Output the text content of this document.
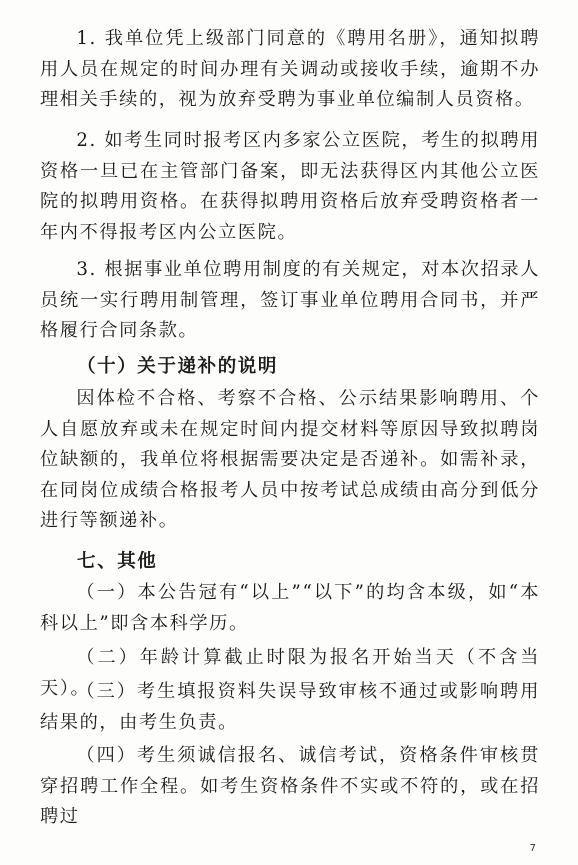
1. 我单位凭上级部门同意的《聘用名册》，通知拟聘用人员在规定的时间办理有关调动或接收手续，逾期不办理相关手续的，视为放弃受聘为事业单位编制人员资格。

2. 如考生同时报考区内多家公立医院，考生的拟聘用资格一旦已在主管部门备案，即无法获得区内其他公立医院的拟聘用资格。在获得拟聘用资格后放弃受聘资格者一年内不得报考区内公立医院。

3. 根据事业单位聘用制度的有关规定，对本次招录人员统一实行聘用制管理，签订事业单位聘用合同书，并严格履行合同条款。

（十）关于递补的说明

因体检不合格、考察不合格、公示结果影响聘用、个人自愿放弃或未在规定时间内提交材料等原因导致拟聘岗位缺额的，我单位将根据需要决定是否递补。如需补录，在同岗位成绩合格报考人员中按考试总成绩由高分到低分进行等额递补。

七、其他

（一）本公告冠有“以上”“以下”的均含本级，如“本科以上”即含本科学历。

（二）年龄计算截止时限为报名开始当天（不含当天）。

（三）考生填报资料失误导致审核不通过或影响聘用结果的，由考生负责。

（四）考生须诚信报名、诚信考试，资格条件审核贯穿招聘工作全程。如考生资格条件不实或不符的，或在招聘过

7
